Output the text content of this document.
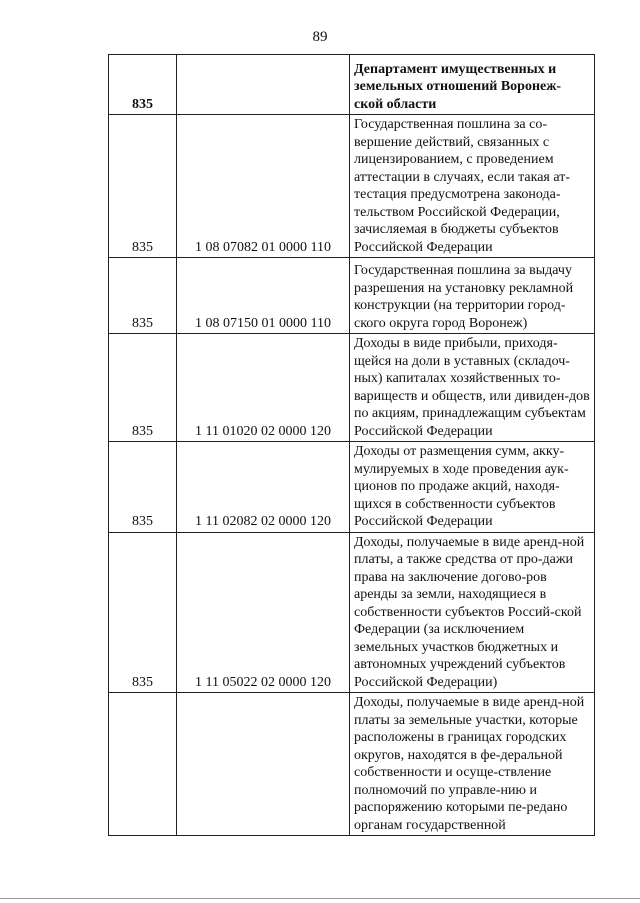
89
835		Департамент имущественных и земельных отношений Воронеж-ской области
835	1 08 07082 01 0000 110	Государственная пошлина за со-вершение действий, связанных с лицензированием, с проведением аттестации в случаях, если такая ат-тестация предусмотрена законода-тельством Российской Федерации, зачисляемая в бюджеты субъектов Российской Федерации
835	1 08 07150 01 0000 110	Государственная пошлина за выдачу разрешения на установку рекламной конструкции (на территории город-ского округа город Воронеж)
835	1 11 01020 02 0000 120	Доходы в виде прибыли, приходя-щейся на доли в уставных (складоч-ных) капиталах хозяйственных то-вариществ и обществ, или дивиден-дов по акциям, принадлежащим субъектам Российской Федерации
835	1 11 02082 02 0000 120	Доходы от размещения сумм, акку-мулируемых в ходе проведения аук-ционов по продаже акций, находя-щихся в собственности субъектов Российской Федерации
835	1 11 05022 02 0000 120	Доходы, получаемые в виде аренд-ной платы, а также средства от про-дажи права на заключение догово-ров аренды за земли, находящиеся в собственности субъектов Россий-ской Федерации (за исключением земельных участков бюджетных и автономных учреждений субъектов Российской Федерации)
		Доходы, получаемые в виде аренд-ной платы за земельные участки, которые расположены в границах городских округов, находятся в фе-деральной собственности и осуще-ствление полномочий по управле-нию и распоряжению которыми пе-редано органам государственной
